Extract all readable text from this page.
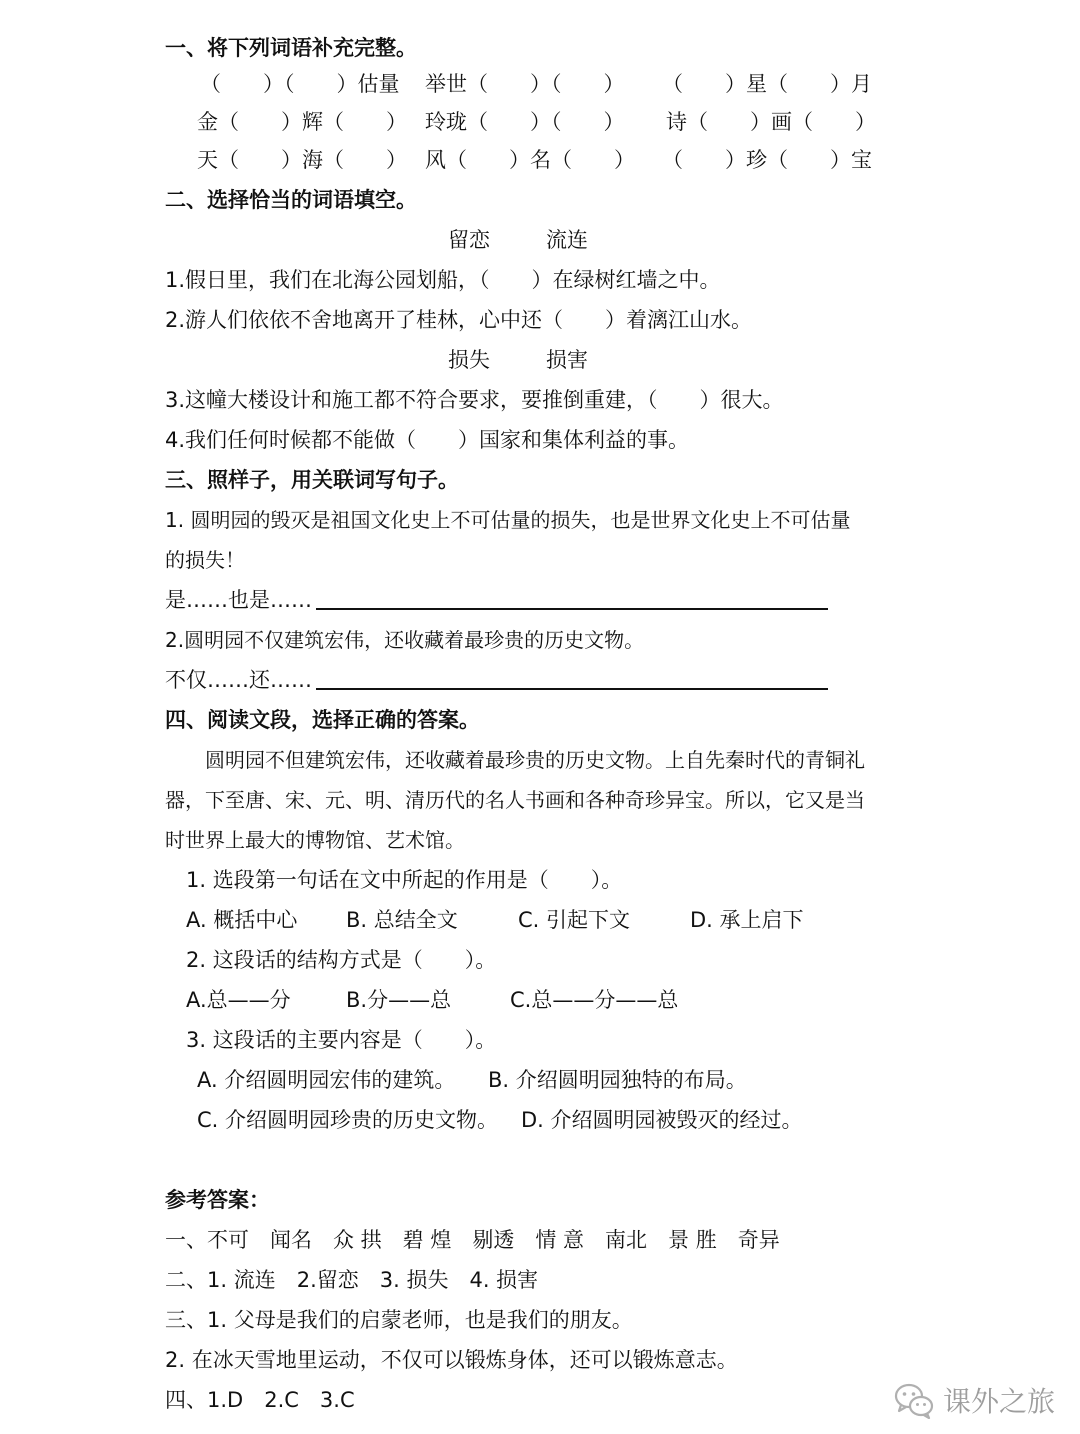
一、将下列词语补充完整。
（　　）（　　）估量 举世（　　）（　　） （　　）星（　　）月
金（　　）辉（　　） 玲珑（　　）（　　） 诗（　　）画（　　）
天（　　）海（　　） 风（　　）名（　　） （　　）珍（　　）宝
二、选择恰当的词语填空。
留恋	流连
1.假日里，我们在北海公园划船，（　　）在绿树红墙之中。
2.游人们依依不舍地离开了桂林，心中还（　　）着漓江山水。
损失	损害
3.这幢大楼设计和施工都不符合要求，要推倒重建，（　　）很大。
4.我们任何时候都不能做（　　）国家和集体利益的事。
三、照样子，用关联词写句子。
1. 圆明园的毁灭是祖国文化史上不可估量的损失，也是世界文化史上不可估量
的损失！
是……也是……
2.圆明园不仅建筑宏伟，还收藏着最珍贵的历史文物。
不仅……还……
四、阅读文段，选择正确的答案。
　　圆明园不但建筑宏伟，还收藏着最珍贵的历史文物。上自先秦时代的青铜礼
器，下至唐、宋、元、明、清历代的名人书画和各种奇珍异宝。所以，它又是当
时世界上最大的博物馆、艺术馆。
1. 选段第一句话在文中所起的作用是（　　）。
A. 概括中心 B. 总结全文	C. 引起下文	D. 承上启下
2. 这段话的结构方式是（　　）。
A.总——分	B.分——总	C.总——分——总
3. 这段话的主要内容是（　　）。
A. 介绍圆明园宏伟的建筑。 B. 介绍圆明园独特的布局。
C. 介绍圆明园珍贵的历史文物。 D. 介绍圆明园被毁灭的经过。
参考答案：
一、不可　闻名　众 拱　碧 煌　剔透　情 意　南北　景 胜　奇异
二、1. 流连　2.留恋　3. 损失　4. 损害
三、1. 父母是我们的启蒙老师，也是我们的朋友。
2. 在冰天雪地里运动，不仅可以锻炼身体，还可以锻炼意志。
四、1.D　2.C　3.C	课外之旅
